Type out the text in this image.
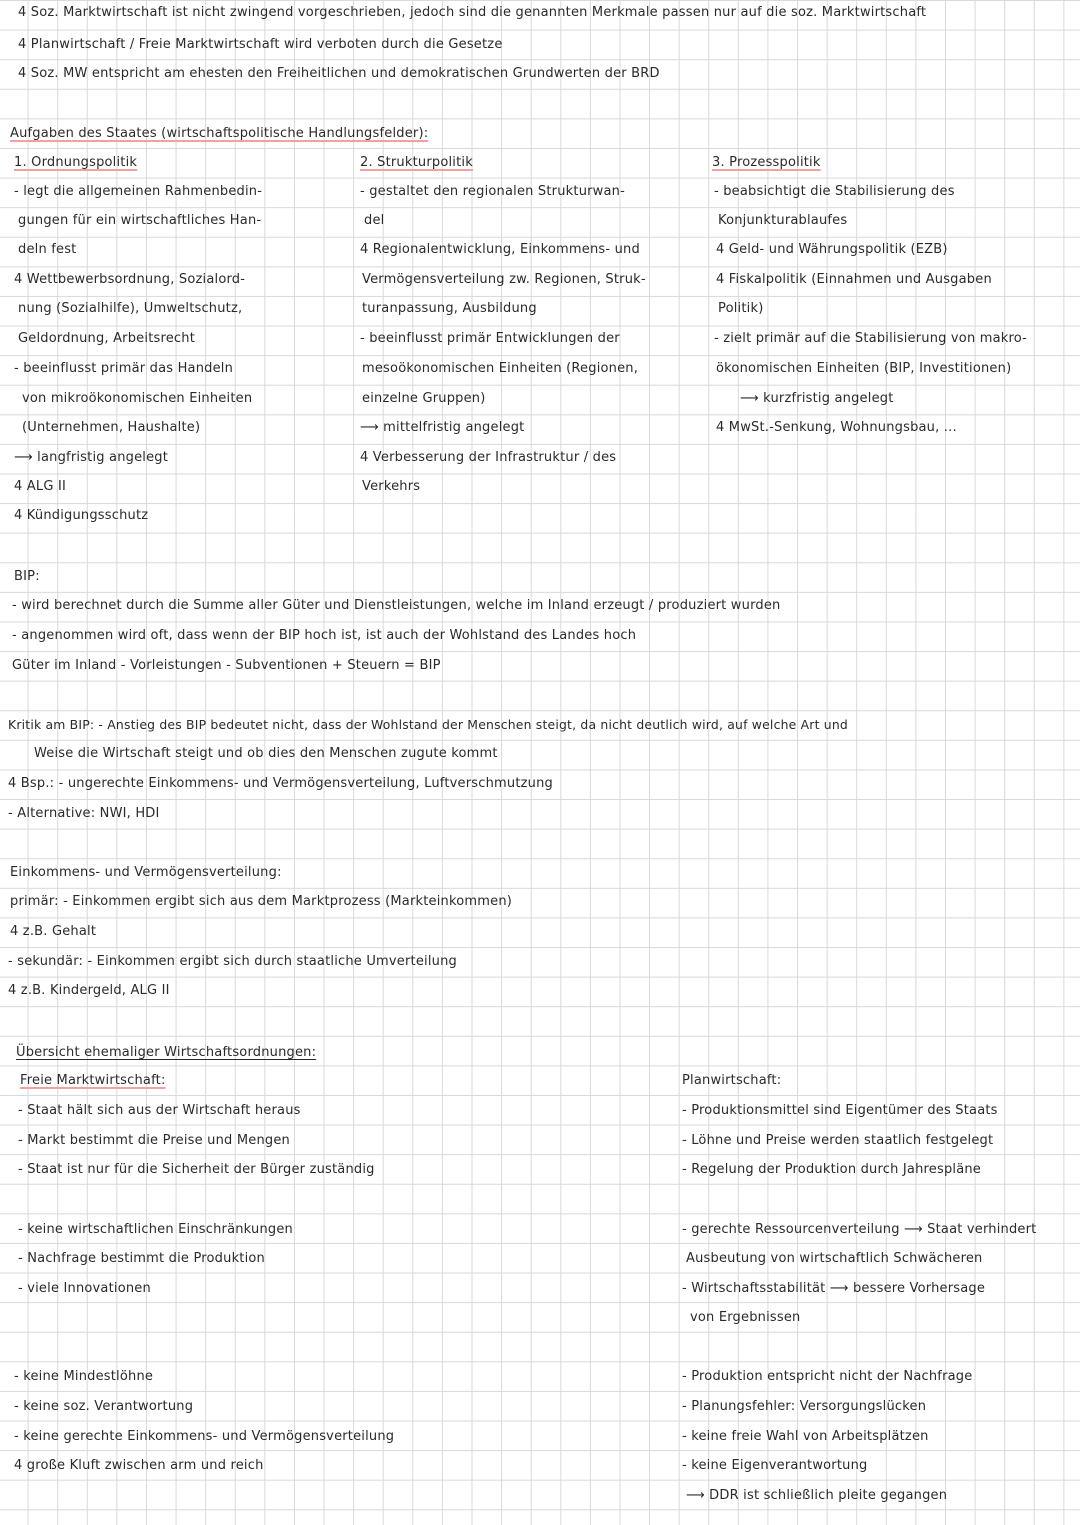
4 Soz. Marktwirtschaft ist nicht zwingend vorgeschrieben, jedoch sind die genannten Merkmale passen nur auf die soz. Marktwirtschaft
4 Planwirtschaft / Freie Marktwirtschaft wird verboten durch die Gesetze
4 Soz. MW entspricht am ehesten den Freiheitlichen und demokratischen Grundwerten der BRD
Aufgaben des Staates (wirtschaftspolitische Handlungsfelder):
1. Ordnungspolitik
- legt die allgemeinen Rahmenbedin-
gungen für ein wirtschaftliches Han-
deln fest
4 Wettbewerbsordnung, Sozialord-
nung (Sozialhilfe), Umweltschutz,
Geldordnung, Arbeitsrecht
- beeinflusst primär das Handeln
von mikroökonomischen Einheiten
(Unternehmen, Haushalte)
⟶ langfristig angelegt
4 ALG II
4 Kündigungsschutz
2. Strukturpolitik
- gestaltet den regionalen Strukturwan-
del
4 Regionalentwicklung, Einkommens- und
Vermögensverteilung zw. Regionen, Struk-
turanpassung, Ausbildung
- beeinflusst primär Entwicklungen der
mesoökonomischen Einheiten (Regionen,
einzelne Gruppen)
⟶ mittelfristig angelegt
4 Verbesserung der Infrastruktur / des
Verkehrs
3. Prozesspolitik
- beabsichtigt die Stabilisierung des
Konjunkturablaufes
4 Geld- und Währungspolitik (EZB)
4 Fiskalpolitik (Einnahmen und Ausgaben
Politik)
- zielt primär auf die Stabilisierung von makro-
ökonomischen Einheiten (BIP, Investitionen)
⟶ kurzfristig angelegt
4 MwSt.-Senkung, Wohnungsbau, ...
BIP:
- wird berechnet durch die Summe aller Güter und Dienstleistungen, welche im Inland erzeugt / produziert wurden
- angenommen wird oft, dass wenn der BIP hoch ist, ist auch der Wohlstand des Landes hoch
Güter im Inland - Vorleistungen - Subventionen + Steuern = BIP
Kritik am BIP: - Anstieg des BIP bedeutet nicht, dass der Wohlstand der Menschen steigt, da nicht deutlich wird, auf welche Art und
Weise die Wirtschaft steigt und ob dies den Menschen zugute kommt
4 Bsp.: - ungerechte Einkommens- und Vermögensverteilung, Luftverschmutzung
- Alternative: NWI, HDI
Einkommens- und Vermögensverteilung:
primär: - Einkommen ergibt sich aus dem Marktprozess (Markteinkommen)
4 z.B. Gehalt
- sekundär: - Einkommen ergibt sich durch staatliche Umverteilung
4 z.B. Kindergeld, ALG II
Übersicht ehemaliger Wirtschaftsordnungen:
Freie Marktwirtschaft:
- Staat hält sich aus der Wirtschaft heraus
- Markt bestimmt die Preise und Mengen
- Staat ist nur für die Sicherheit der Bürger zuständig
- keine wirtschaftlichen Einschränkungen
- Nachfrage bestimmt die Produktion
- viele Innovationen
- keine Mindestlöhne
- keine soz. Verantwortung
- keine gerechte Einkommens- und Vermögensverteilung
4 große Kluft zwischen arm und reich
Planwirtschaft:
- Produktionsmittel sind Eigentümer des Staats
- Löhne und Preise werden staatlich festgelegt
- Regelung der Produktion durch Jahrespläne
- gerechte Ressourcenverteilung ⟶ Staat verhindert
Ausbeutung von wirtschaftlich Schwächeren
- Wirtschaftsstabilität ⟶ bessere Vorhersage
von Ergebnissen
- Produktion entspricht nicht der Nachfrage
- Planungsfehler: Versorgungslücken
- keine freie Wahl von Arbeitsplätzen
- keine Eigenverantwortung
⟶ DDR ist schließlich pleite gegangen
